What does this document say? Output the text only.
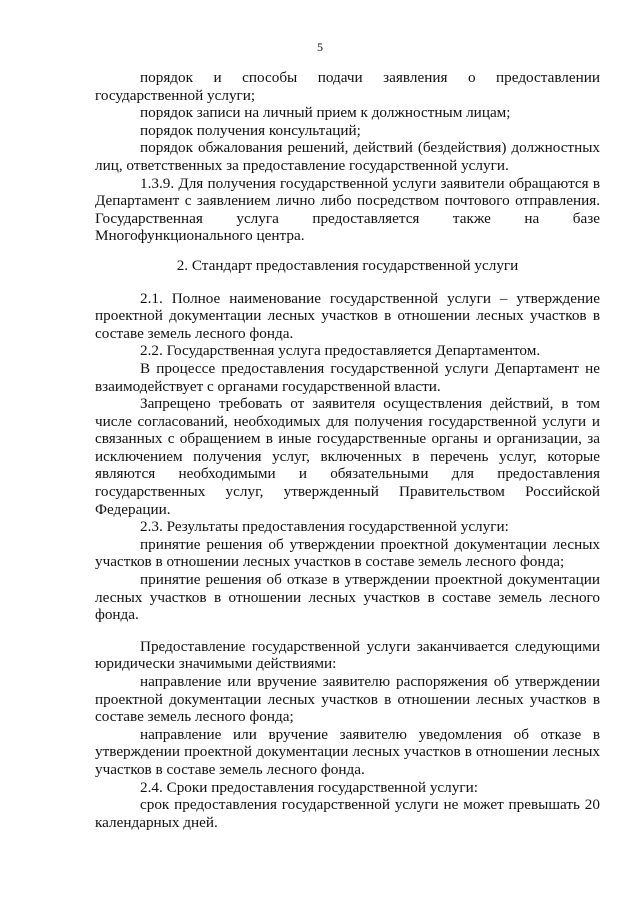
5

порядок и способы подачи заявления о предоставлении государственной услуги;

порядок записи на личный прием к должностным лицам;

порядок получения консультаций;

порядок обжалования решений, действий (бездействия) должностных лиц, ответственных за предоставление государственной услуги.

1.3.9. Для получения государственной услуги заявители обращаются в Департамент с заявлением лично либо посредством почтового отправления. Государственная услуга предоставляется также на базе Многофункционального центра.

2. Стандарт предоставления государственной услуги

2.1. Полное наименование государственной услуги – утверждение проектной документации лесных участков в отношении лесных участков в составе земель лесного фонда.

2.2. Государственная услуга предоставляется Департаментом.

В процессе предоставления государственной услуги Департамент не взаимодействует с органами государственной власти.

Запрещено требовать от заявителя осуществления действий, в том числе согласований, необходимых для получения государственной услуги и связанных с обращением в иные государственные органы и организации, за исключением получения услуг, включенных в перечень услуг, которые являются необходимыми и обязательными для предоставления государственных услуг, утвержденный Правительством Российской Федерации.

2.3. Результаты предоставления государственной услуги:

принятие решения об утверждении проектной документации лесных участков в отношении лесных участков в составе земель лесного фонда;

принятие решения об отказе в утверждении проектной документации лесных участков в отношении лесных участков в составе земель лесного фонда.

Предоставление государственной услуги заканчивается следующими юридически значимыми действиями:

направление или вручение заявителю распоряжения об утверждении проектной документации лесных участков в отношении лесных участков в составе земель лесного фонда;

направление или вручение заявителю уведомления об отказе в утверждении проектной документации лесных участков в отношении лесных участков в составе земель лесного фонда.

2.4. Сроки предоставления государственной услуги:

срок предоставления государственной услуги не может превышать 20 календарных дней.
